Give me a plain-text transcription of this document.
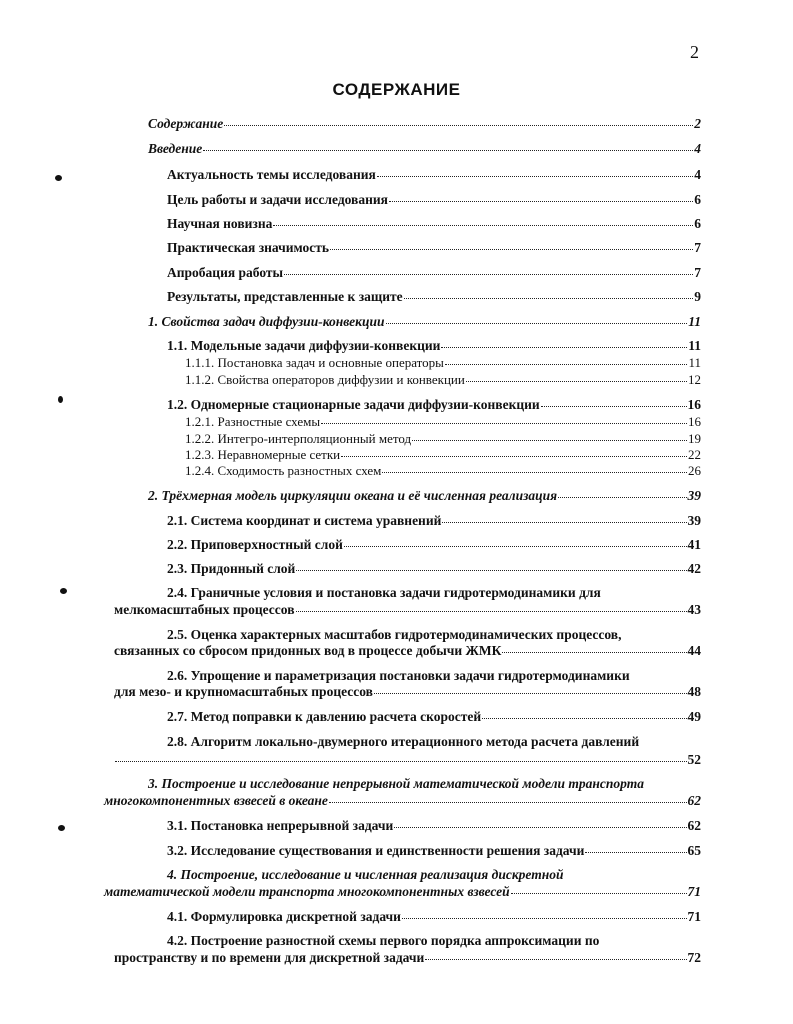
2
СОДЕРЖАНИЕ
Содержание	2
Введение	4
Актуальность темы исследования	4
Цель работы и задачи исследования	6
Научная новизна	6
Практическая значимость	7
Апробация работы	7
Результаты, представленные к защите	9
1. Свойства задач диффузии-конвекции	11
1.1. Модельные задачи диффузии-конвекции	11
1.1.1. Постановка задач и основные операторы	11
1.1.2. Свойства операторов диффузии и конвекции	12
1.2. Одномерные стационарные задачи диффузии-конвекции	16
1.2.1. Разностные схемы	16
1.2.2. Интегро-интерполяционный метод	19
1.2.3. Неравномерные сетки	22
1.2.4. Сходимость разностных схем	26
2. Трёхмерная модель циркуляции океана и её численная реализация	39
2.1. Система координат и система уравнений	39
2.2. Приповерхностный слой	41
2.3. Придонный слой	42
2.4. Граничные условия и постановка задачи гидротермодинамики для
мелкомасштабных процессов	43
2.5. Оценка характерных масштабов гидротермодинамических процессов,
связанных со сбросом придонных вод в процессе добычи ЖМК	44
2.6. Упрощение и параметризация постановки задачи гидротермодинамики
для мезо- и крупномасштабных процессов	48
2.7. Метод поправки к давлению расчета скоростей	49
2.8. Алгоритм локально-двумерного итерационного метода расчета давлений
52
3. Построение и исследование непрерывной математической модели транспорта
многокомпонентных взвесей в океане	62
3.1. Постановка непрерывной задачи	62
3.2. Исследование существования и единственности решения задачи	65
4. Построение, исследование и численная реализация дискретной
математической модели транспорта многокомпонентных взвесей	71
4.1. Формулировка дискретной задачи	71
4.2. Построение разностной схемы первого порядка аппроксимации по
пространству и по времени для дискретной задачи	72
